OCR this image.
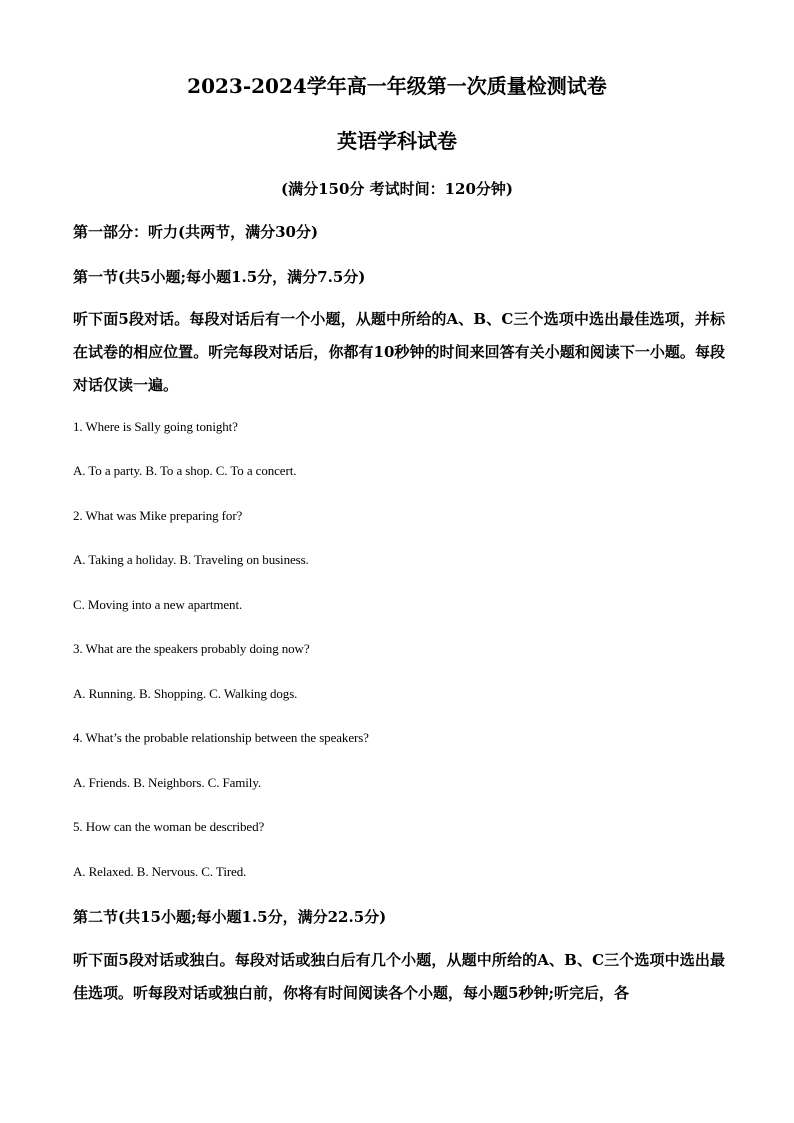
2023-2024学年高一年级第一次质量检测试卷
英语学科试卷
(满分150分 考试时间：120分钟)
第一部分：听力(共两节，满分30分)
第一节(共5小题;每小题1.5分，满分7.5分)
听下面5段对话。每段对话后有一个小题，从题中所给的A、B、C三个选项中选出最佳选项，并标在试卷的相应位置。听完每段对话后，你都有10秒钟的时间来回答有关小题和阅读下一小题。每段对话仅读一遍。
1. Where is Sally going tonight?
A. To a party. B. To a shop. C. To a concert.
2. What was Mike preparing for?
A. Taking a holiday. B. Traveling on business.
C. Moving into a new apartment.
3. What are the speakers probably doing now?
A. Running. B. Shopping. C. Walking dogs.
4. What’s the probable relationship between the speakers?
A. Friends. B. Neighbors. C. Family.
5. How can the woman be described?
A. Relaxed. B. Nervous. C. Tired.
第二节(共15小题;每小题1.5分，满分22.5分)
听下面5段对话或独白。每段对话或独白后有几个小题，从题中所给的A、B、C三个选项中选出最佳选项。听每段对话或独白前，你将有时间阅读各个小题，每小题5秒钟;听完后，各
